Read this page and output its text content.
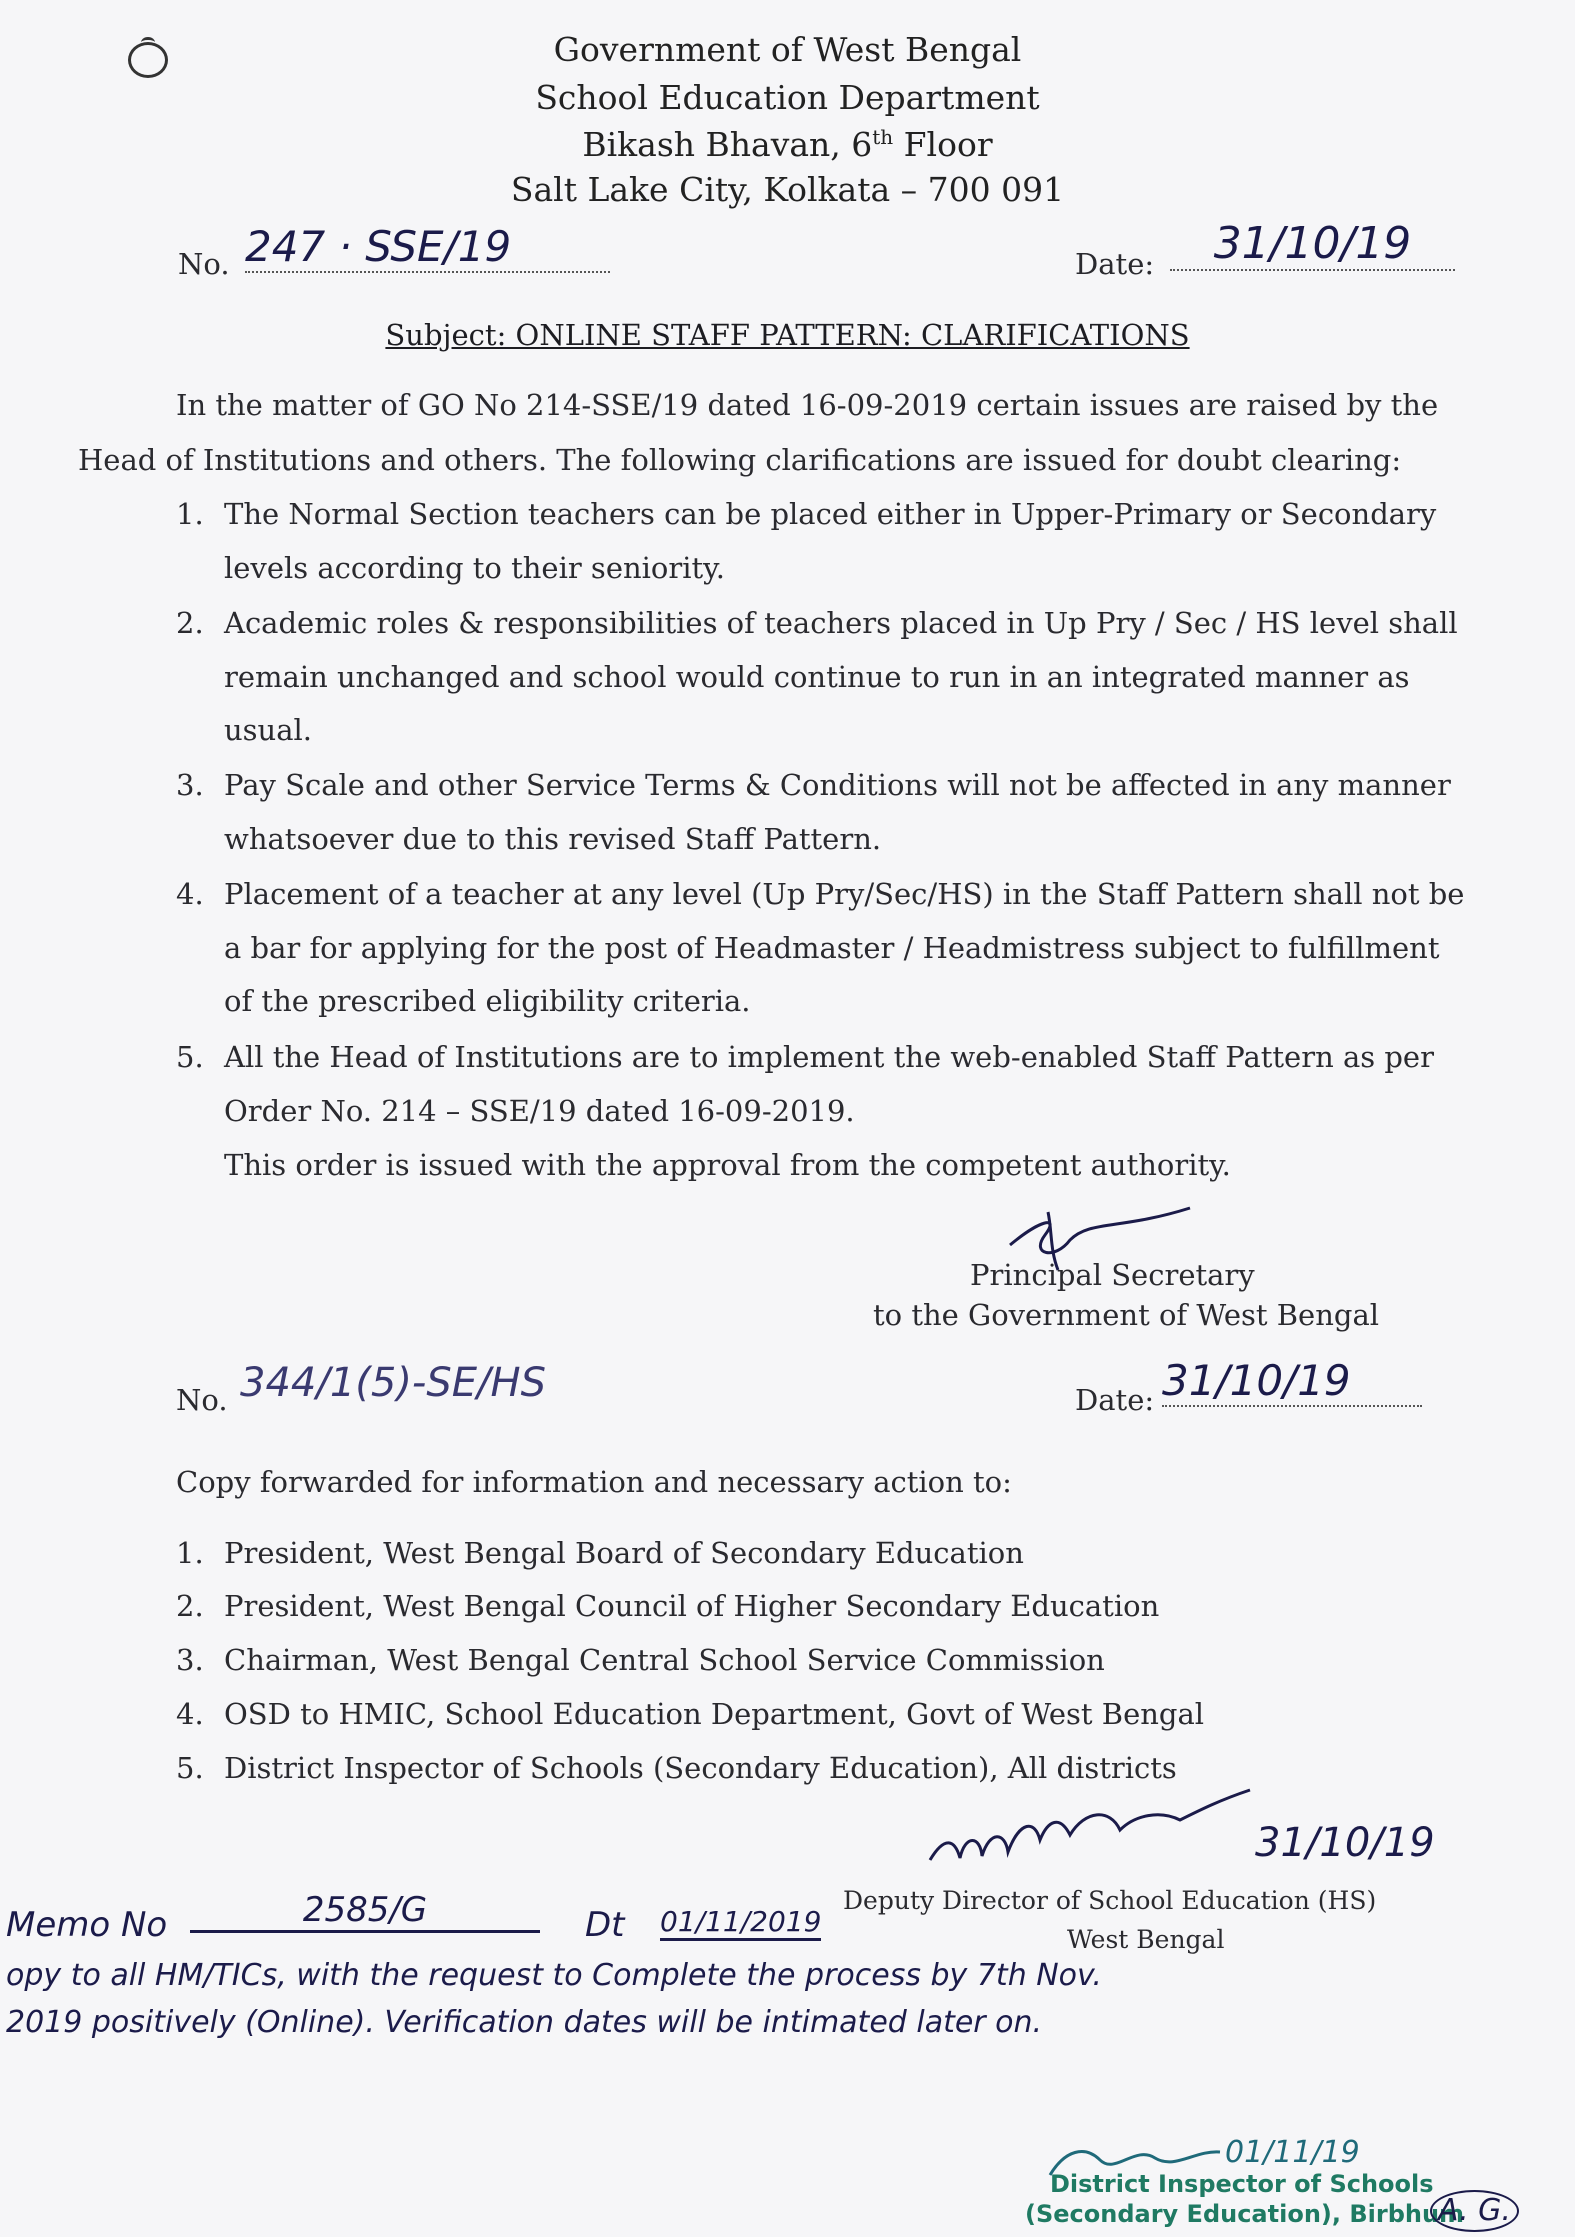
Government of West Bengal
School Education Department
Bikash Bhavan, 6th Floor
Salt Lake City, Kolkata – 700 091
No. 247 · SSE/19	Date:	31/10/19
Subject: ONLINE STAFF PATTERN: CLARIFICATIONS
In the matter of GO No 214-SSE/19 dated 16-09-2019 certain issues are raised by the
Head of Institutions and others. The following clarifications are issued for doubt clearing:
1. The Normal Section teachers can be placed either in Upper-Primary or Secondary
levels according to their seniority.
2. Academic roles & responsibilities of teachers placed in Up Pry / Sec / HS level shall
remain unchanged and school would continue to run in an integrated manner as
usual.
3. Pay Scale and other Service Terms & Conditions will not be affected in any manner
whatsoever due to this revised Staff Pattern.
4. Placement of a teacher at any level (Up Pry/Sec/HS) in the Staff Pattern shall not be
a bar for applying for the post of Headmaster / Headmistress subject to fulfillment
of the prescribed eligibility criteria.
5. All the Head of Institutions are to implement the web-enabled Staff Pattern as per
Order No. 214 – SSE/19 dated 16-09-2019.
This order is issued with the approval from the competent authority.
Principal Secretary
to the Government of West Bengal
No. 344/1(5)-SE/HS	Date: 31/10/19
Copy forwarded for information and necessary action to:
1. President, West Bengal Board of Secondary Education
2. President, West Bengal Council of Higher Secondary Education
3. Chairman, West Bengal Central School Service Commission
4. OSD to HMIC, School Education Department, Govt of West Bengal
5. District Inspector of Schools (Secondary Education), All districts
31/10/19
Deputy Director of School Education (HS)
West Bengal
Memo No	2585/G	Dt 01/11/2019
opy to all HM/TICs, with the request to Complete the process by 7th Nov.
2019 positively (Online). Verification dates will be intimated later on.
01/11/19
District Inspector of Schools
(Secondary Education), Birbhum
A. G.
